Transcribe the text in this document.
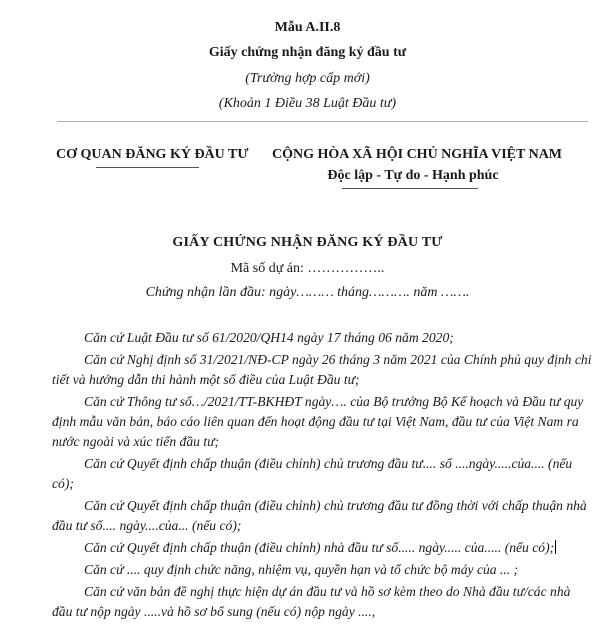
Mẫu A.II.8
Giấy chứng nhận đăng ký đầu tư
(Trường hợp cấp mới)
(Khoản 1 Điều 38 Luật Đầu tư)
CƠ QUAN ĐĂNG KÝ ĐẦU TƯ CỘNG HÒA XÃ HỘI CHỦ NGHĨA VIỆT NAM
Độc lập - Tự do - Hạnh phúc
GIẤY CHỨNG NHẬN ĐĂNG KÝ ĐẦU TƯ
Mã số dự án: ……………..
Chứng nhận lần đầu: ngày……… tháng………. năm …….

Căn cứ Luật Đầu tư số 61/2020/QH14 ngày 17 tháng 06 năm 2020;

Căn cứ Nghị định số 31/2021/NĐ-CP ngày 26 tháng 3 năm 2021 của Chính phủ quy định chi tiết và hướng dẫn thi hành một số điều của Luật Đầu tư;

Căn cứ Thông tư số…/2021/TT-BKHĐT ngày…. của Bộ trưởng Bộ Kế hoạch và Đầu tư quy định mẫu văn bản, báo cáo liên quan đến hoạt động đầu tư tại Việt Nam, đầu tư của Việt Nam ra nước ngoài và xúc tiến đầu tư;

Căn cứ Quyết định chấp thuận (điều chỉnh) chủ trương đầu tư.... số ....ngày.....của.... (nếu có);

Căn cứ Quyết định chấp thuận (điều chỉnh) chủ trương đầu tư đồng thời với chấp thuận nhà đầu tư số.... ngày....của... (nếu có);

Căn cứ Quyết định chấp thuận (điều chỉnh) nhà đầu tư số..... ngày..... của..... (nếu có);

Căn cứ .... quy định chức năng, nhiệm vụ, quyền hạn và tổ chức bộ máy của ... ;

Căn cứ văn bản đề nghị thực hiện dự án đầu tư và hồ sơ kèm theo do Nhà đầu tư/các nhà đầu tư nộp ngày .....và hồ sơ bổ sung (nếu có) nộp ngày ....,
